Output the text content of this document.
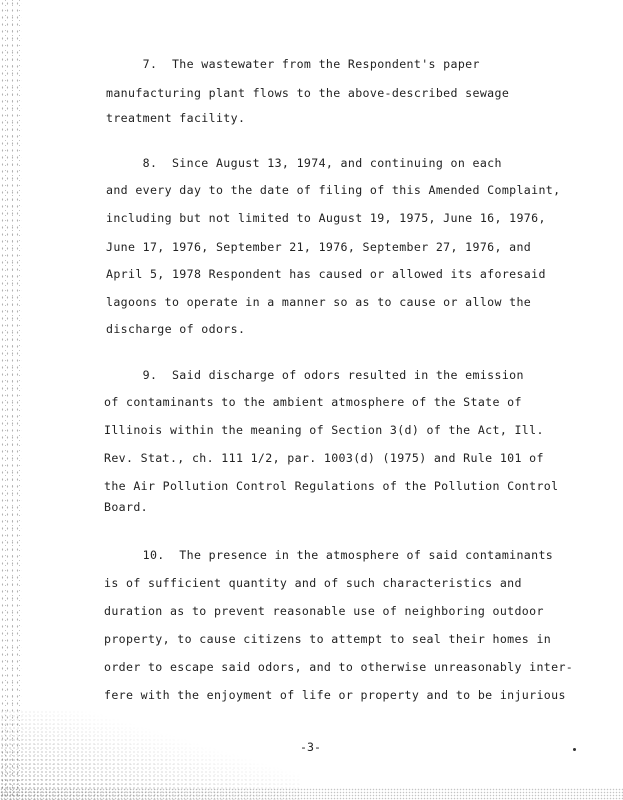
7.  The wastewater from the Respondent's paper
manufacturing plant flows to the above-described sewage
treatment facility.
8.  Since August 13, 1974, and continuing on each
and every day to the date of filing of this Amended Complaint,
including but not limited to August 19, 1975, June 16, 1976,
June 17, 1976, September 21, 1976, September 27, 1976, and
April 5, 1978 Respondent has caused or allowed its aforesaid
lagoons to operate in a manner so as to cause or allow the
discharge of odors.
9.  Said discharge of odors resulted in the emission
of contaminants to the ambient atmosphere of the State of
Illinois within the meaning of Section 3(d) of the Act, Ill.
Rev. Stat., ch. 111 1/2, par. 1003(d) (1975) and Rule 101 of
the Air Pollution Control Regulations of the Pollution Control
Board.
10.  The presence in the atmosphere of said contaminants
is of sufficient quantity and of such characteristics and
duration as to prevent reasonable use of neighboring outdoor
property, to cause citizens to attempt to seal their homes in
order to escape said odors, and to otherwise unreasonably inter-
fere with the enjoyment of life or property and to be injurious
-3-
